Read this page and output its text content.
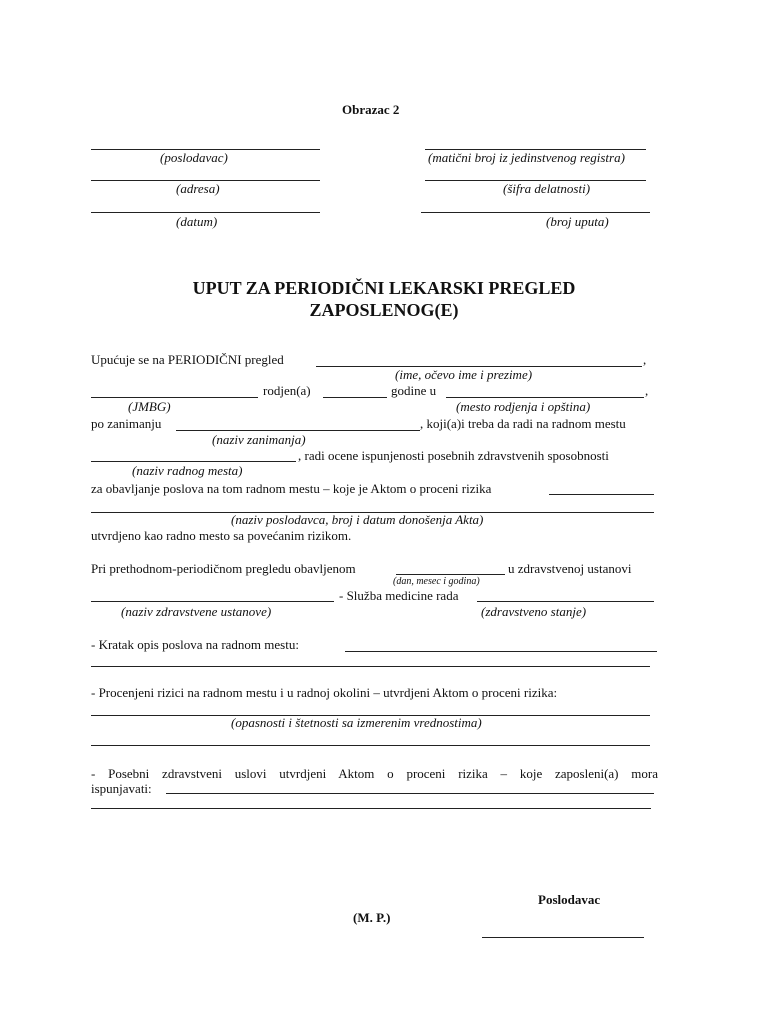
Obrazac 2
(poslodavac)	(matični broj iz jedinstvenog registra)
(adresa)	(šifra delatnosti)
(datum)	(broj uputa)
UPUT ZA PERIODIČNI LEKARSKI PREGLED
ZAPOSLENOG(E)
Upućuje se na PERIODIČNI pregled	,
(ime, očevo ime i prezime)
rodjen(a)	godine u	,
(JMBG)	(mesto rodjenja i opština)
po zanimanju	, koji(a)i treba da radi na radnom mestu
(naziv zanimanja)
, radi ocene ispunjenosti posebnih zdravstvenih sposobnosti
(naziv radnog mesta)
za obavljanje poslova na tom radnom mestu – koje je Aktom o proceni rizika
(naziv poslodavca, broj i datum donošenja Akta)
utvrdjeno kao radno mesto sa povećanim rizikom.
Pri prethodnom-periodičnom pregledu obavljenom	u zdravstvenoj ustanovi
(dan, mesec i godina)
- Služba medicine rada
(naziv zdravstvene ustanove)	(zdravstveno stanje)
- Kratak opis poslova na radnom mestu:
- Procenjeni rizici na radnom mestu i u radnoj okolini – utvrdjeni Aktom o proceni rizika:
(opasnosti i štetnosti sa izmerenim vrednostima)
- Posebni zdravstveni uslovi utvrdjeni Aktom o proceni rizika – koje zaposleni(a) mora
ispunjavati:
Poslodavac
(M. P.)
